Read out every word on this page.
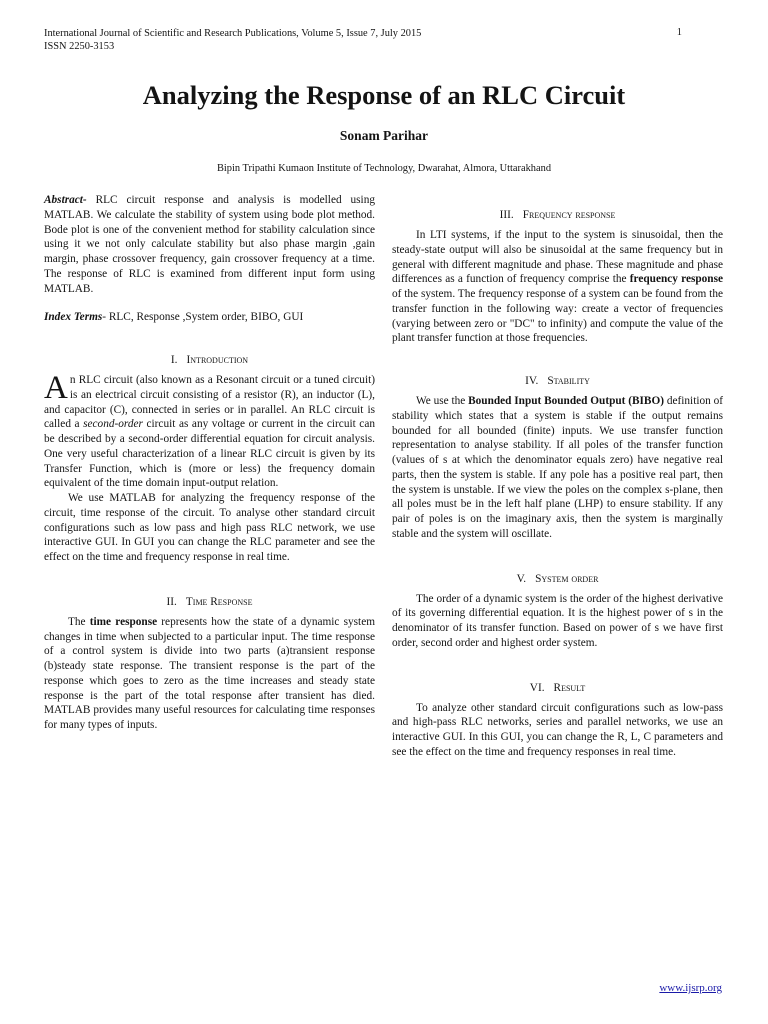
International Journal of Scientific and Research Publications, Volume 5, Issue 7, July 2015
ISSN 2250-3153
1
Analyzing the Response of an RLC Circuit
Sonam Parihar
Bipin Tripathi Kumaon Institute of Technology, Dwarahat, Almora, Uttarakhand

Abstract- RLC circuit response and analysis is modelled using MATLAB. We calculate the stability of system using bode plot method. Bode plot is one of the convenient method for stability calculation since using it we not only calculate stability but also phase margin ,gain margin, phase crossover frequency, gain crossover frequency at a time. The response of RLC is examined from different input form using MATLAB.

Index Terms- RLC, Response ,System order, BIBO, GUI

I. Introduction

An RLC circuit (also known as a Resonant circuit or a tuned circuit) is an electrical circuit consisting of a resistor (R), an inductor (L), and capacitor (C), connected in series or in parallel. An RLC circuit is called a second-order circuit as any voltage or current in the circuit can be described by a second-order differential equation for circuit analysis. One very useful characterization of a linear RLC circuit is given by its Transfer Function, which is (more or less) the frequency domain equivalent of the time domain input-output relation.

We use MATLAB for analyzing the frequency response of the circuit, time response of the circuit. To analyse other standard circuit configurations such as low pass and high pass RLC network, we use interactive GUI. In GUI you can change the RLC parameter and see the effect on the time and frequency response in real time.

II. Time Response

The time response represents how the state of a dynamic system changes in time when subjected to a particular input. The time response of a control system is divide into two parts (a)transient response (b)steady state response. The transient response is the part of the response which goes to zero as the time increases and steady state response is the part of the total response after transient has died. MATLAB provides many useful resources for calculating time responses for many types of inputs.

III. Frequency response

In LTI systems, if the input to the system is sinusoidal, then the steady-state output will also be sinusoidal at the same frequency but in general with different magnitude and phase. These magnitude and phase differences as a function of frequency comprise the frequency response of the system. The frequency response of a system can be found from the transfer function in the following way: create a vector of frequencies (varying between zero or "DC" to infinity) and compute the value of the plant transfer function at those frequencies.

IV. Stability

We use the Bounded Input Bounded Output (BIBO) definition of stability which states that a system is stable if the output remains bounded for all bounded (finite) inputs. We use transfer function representation to analyse stability. If all poles of the transfer function (values of s at which the denominator equals zero) have negative real parts, then the system is stable. If any pole has a positive real part, then the system is unstable. If we view the poles on the complex s-plane, then all poles must be in the left half plane (LHP) to ensure stability. If any pair of poles is on the imaginary axis, then the system is marginally stable and the system will oscillate.

V. System order

The order of a dynamic system is the order of the highest derivative of its governing differential equation. It is the highest power of s in the denominator of its transfer function. Based on power of s we have first order, second order and highest order system.

VI. Result

To analyze other standard circuit configurations such as low-pass and high-pass RLC networks, series and parallel networks, we use an interactive GUI. In this GUI, you can change the R, L, C parameters and see the effect on the time and frequency responses in real time.

www.ijsrp.org
